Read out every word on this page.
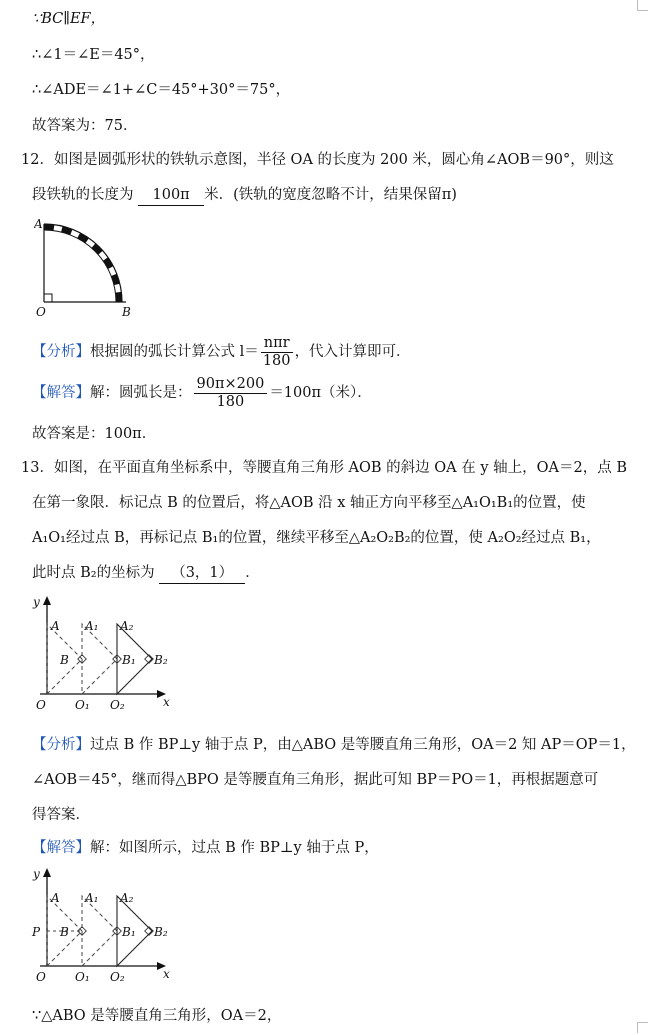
∵BC∥EF，
∴∠1＝∠E＝45°，
∴∠ADE＝∠1+∠C＝45°+30°＝75°，
故答案为：75．
12．如图是圆弧形状的铁轨示意图，半径 OA 的长度为 200 米，圆心角∠AOB＝90°，则这
段铁轨的长度为 100π 米．(铁轨的宽度忽略不计，结果保留π)
A
O	B
【分析】根据圆的弧长计算公式 $l= \frac{\text{nπr}}{180}$ ，代入计算即可．
【解答】解：圆弧长是： $\frac{90\pi\times 200}{180} =100\pi$（米）．
故答案是：100π．
13．如图，在平面直角坐标系中，等腰直角三角形 AOB 的斜边 OA 在 y 轴上，OA＝2，点 B
在第一象限．标记点 B 的位置后，将△AOB 沿 x 轴正方向平移至△A₁O₁B₁的位置，使
A₁O₁经过点 B，再标记点 B₁的位置，继续平移至△A₂O₂B₂的位置，使 A₂O₂经过点 B₁，
此时点 B₂的坐标为 （3，1） ．
y
x
A A₁ A₂
B	B₁ B₂
O O₁ O₂
【分析】过点 B 作 BP⊥y 轴于点 P，由△ABO 是等腰直角三角形，OA＝2 知 AP＝OP＝1，
∠AOB＝45°，继而得△BPO 是等腰直角三角形，据此可知 BP＝PO＝1，再根据题意可
得答案．
【解答】解：如图所示，过点 B 作 BP⊥y 轴于点 P，
y
x
P
A A₁ A₂
B	B₁ B₂
O O₁ O₂
∵△ABO 是等腰直角三角形，OA＝2，
